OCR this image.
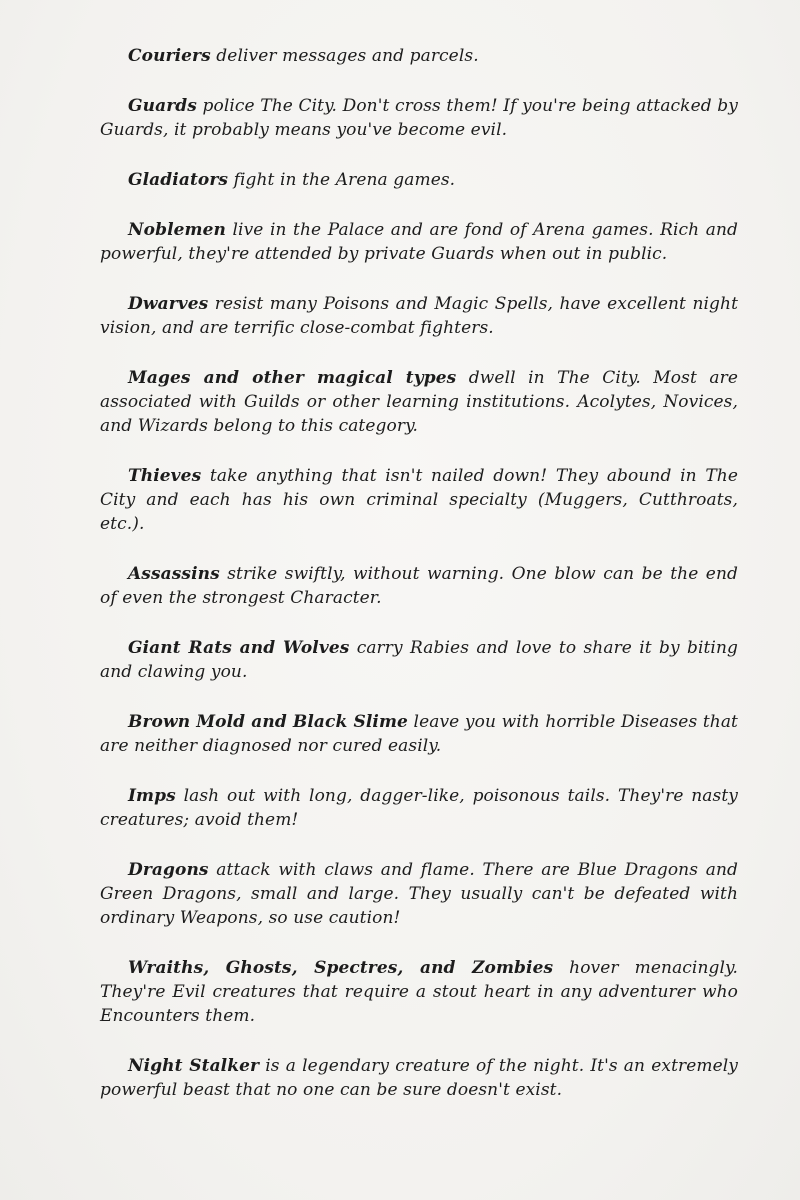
Couriers deliver messages and parcels.

Guards police The City. Don't cross them! If you're being attacked by Guards, it probably means you've become evil.

Gladiators fight in the Arena games.

Noblemen live in the Palace and are fond of Arena games. Rich and powerful, they're attended by private Guards when out in public.

Dwarves resist many Poisons and Magic Spells, have excellent night vision, and are terrific close-combat fighters.

Mages and other magical types dwell in The City. Most are associated with Guilds or other learning institutions. Acolytes, Novices, and Wizards belong to this category.

Thieves take anything that isn't nailed down! They abound in The City and each has his own criminal specialty (Muggers, Cutthroats, etc.).

Assassins strike swiftly, without warning. One blow can be the end of even the strongest Character.

Giant Rats and Wolves carry Rabies and love to share it by biting and clawing you.

Brown Mold and Black Slime leave you with horrible Diseases that are neither diagnosed nor cured easily.

Imps lash out with long, dagger-like, poisonous tails. They're nasty creatures; avoid them!

Dragons attack with claws and flame. There are Blue Dragons and Green Dragons, small and large. They usually can't be defeated with ordinary Weapons, so use caution!

Wraiths, Ghosts, Spectres, and Zombies hover menacingly. They're Evil creatures that require a stout heart in any adventurer who Encounters them.

Night Stalker is a legendary creature of the night. It's an extremely powerful beast that no one can be sure doesn't exist.
